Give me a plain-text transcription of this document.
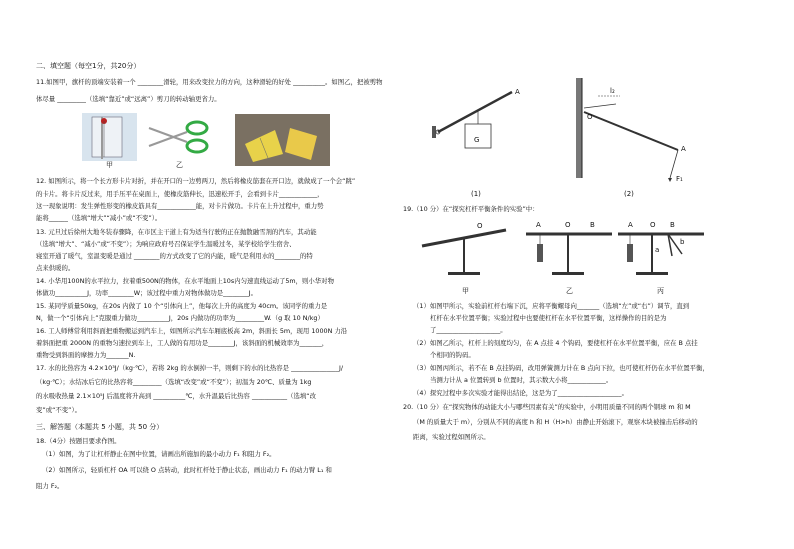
二、填空题（每空1分，共20分）
11.如图甲，旗杆的顶端安装着一个 ________滑轮，用来改变拉力的方向，这种滑轮的好处 __________。如图乙，把被剪物
体尽量 _________（选填“靠近”或“远离”）剪刀的转动轴更省力。
甲	乙
12. 如图所示，将一个长方形卡片对折，并在开口的一边剪两刀，然后将橡皮筋套在开口边，就做成了一个会“跳”
的卡片。将卡片反过来，用手压平在桌面上，使橡皮筋伸长，迅速松开手，会看到卡片____________，
这一现象说明：发生弹性形变的橡皮筋具有____________能，对卡片做功。卡片在上升过程中，重力势
能将______（选填“增大”“减小”或“不变”）。
13. 元旦过后徐州大地冬装春骤降，在市区主干道上有为适当行驶的正在抛散融雪剂的汽车，其动能
（选填“增大”、“减小”或“不变”）；为响应政府号召保证学生温暖过冬，某学校给学生宿舍、
寝室开通了暖气，室温变暖是通过 ________的方式改变了它的内能，暖气是利用水的________的特
点来供暖的。
14. 小华用100N的水平拉力，拉着重500N的物体，在水平地面上10s内匀速直线运动了5m，则小华对物
体做功__________J，功率________W；该过程中重力对物体做功是________J。
15. 某同学质量50kg，在20s 内做了 10 个“引体向上”，他每次上升的高度为 40cm。该同学的重力是
N，做一个“引体向上”克服重力做功__________J，20s 内做功的功率为_________W.（g 取 10 N/kg）
16. 工人师傅常利用斜面把重物搬运到汽车上，如图所示汽车车厢底板高 2m，斜面长 5m，现用 1000N 力沿
着斜面把重 2000N 的重物匀速拉到车上，工人做的有用功是________J，该斜面的机械效率为_______，
重物受到斜面的摩擦力为_______N.
17. 水的比热容为 4.2×10³J/（kg·℃），若将 2kg 的水倒掉一半，则剩下的水的比热容是 _______________J/
（kg·℃）；水结冰后它的比热容将_________（选填“改变”或“不变”）；初温为 20℃、质量为 1kg
的水吸收热量 2.1×10⁵J 后温度将升高到 __________℃，水升温最后比热容 ___________（选填“改
变”或“不变”）。
三、解答题（本题共 5 小题，共 50 分）
18.（4分）按题目要求作图。
（1）如图，为了让杠杆静止在图中位置，请画出所施加的最小动力 F₁ 和阻力 F₂。
（2）如图所示，轻质杠杆 OA 可以绕 O 点转动，此时杠杆处于静止状态，画出动力 F₁ 的动力臂 L₁ 和
阻力 F₂。
A
G
l₂
O
A
F₁
(1)	(2)
19.（10 分）在“探究杠杆平衡条件的实验”中：
O	A	O	B	A O B
a
b
甲	乙	丙
（1）如图甲所示，实验前杠杆右端下沉，应将平衡螺母向_______（选填“左”或“右”）调节，直到
杠杆在水平位置平衡；实验过程中也要使杠杆在水平位置平衡，这样操作的目的是为
了____________________。
（2）如图乙所示，杠杆上的刻度均匀，在 A 点挂 4 个钩码，要使杠杆在水平位置平衡，应在 B 点挂
个相同的钩码。
（3）如图丙所示，若不在 B 点挂钩码，改用弹簧测力计在 B 点向下拉，也可使杠杆仍在水平位置平衡，
当测力计从 a 位置转到 b 位置时，其示数大小将____________。
（4）探究过程中多次实验才能得出结论，这是为了____________________。
20.（10 分）在“探究物体的动能大小与哪些因素有关”的实验中，小明用质量不同的两个钢球 m 和 M
（M 的质量大于 m），分别从不同的高度 h 和 H（H>h）由静止开始滚下，观察木块被撞击后移动的
距离，实验过程如图所示。
